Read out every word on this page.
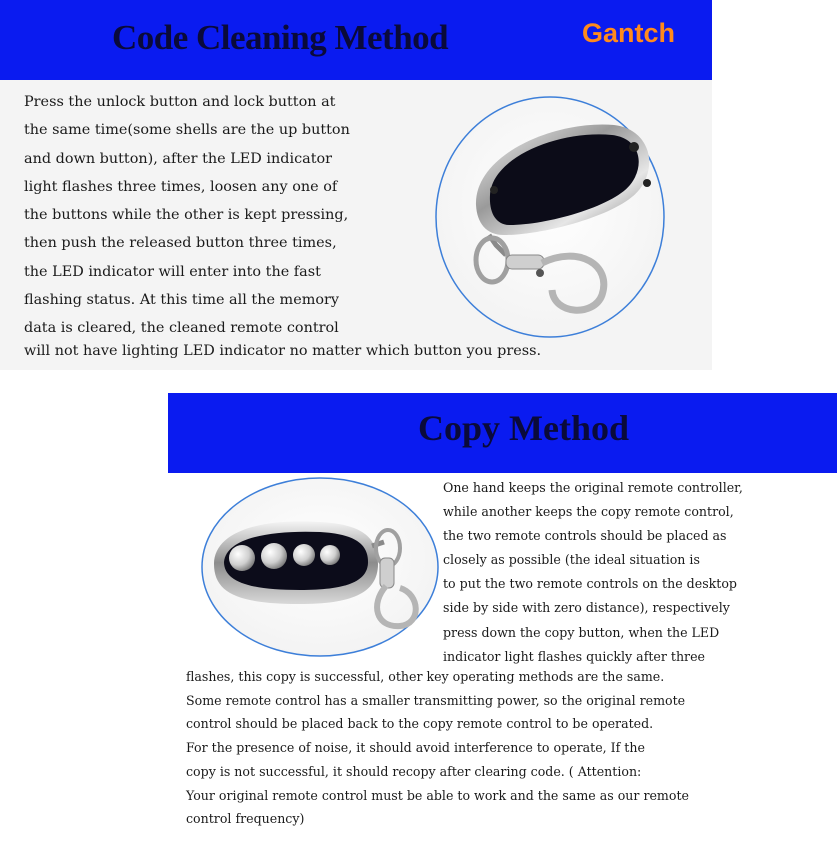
Code Cleaning Method	Gantch

Press the unlock button and lock button at
the same time(some shells are the up button
and down button), after the LED indicator
light flashes three times, loosen any one of
the buttons while the other is kept pressing,
then push the released button three times,
the LED indicator will enter into the fast
flashing status. At this time all the memory
data is cleared, the cleaned remote control

will not have lighting LED indicator no matter which button you press.
Copy Method

One hand keeps the original remote controller,
while another keeps the copy remote control,
the two remote controls should be placed as
closely as possible (the ideal situation is
to put the two remote controls on the desktop
side by side with zero distance), respectively
press down the copy button, when the LED
indicator light flashes quickly after three

flashes, this copy is successful, other key operating methods are the same.
Some remote control has a smaller transmitting power, so the original remote
control should be placed back to the copy remote control to be operated.
For the presence of noise, it should avoid interference to operate, If the
copy is not successful, it should recopy after clearing code. ( Attention:
Your original remote control must be able to work and the same as our remote
control frequency)
